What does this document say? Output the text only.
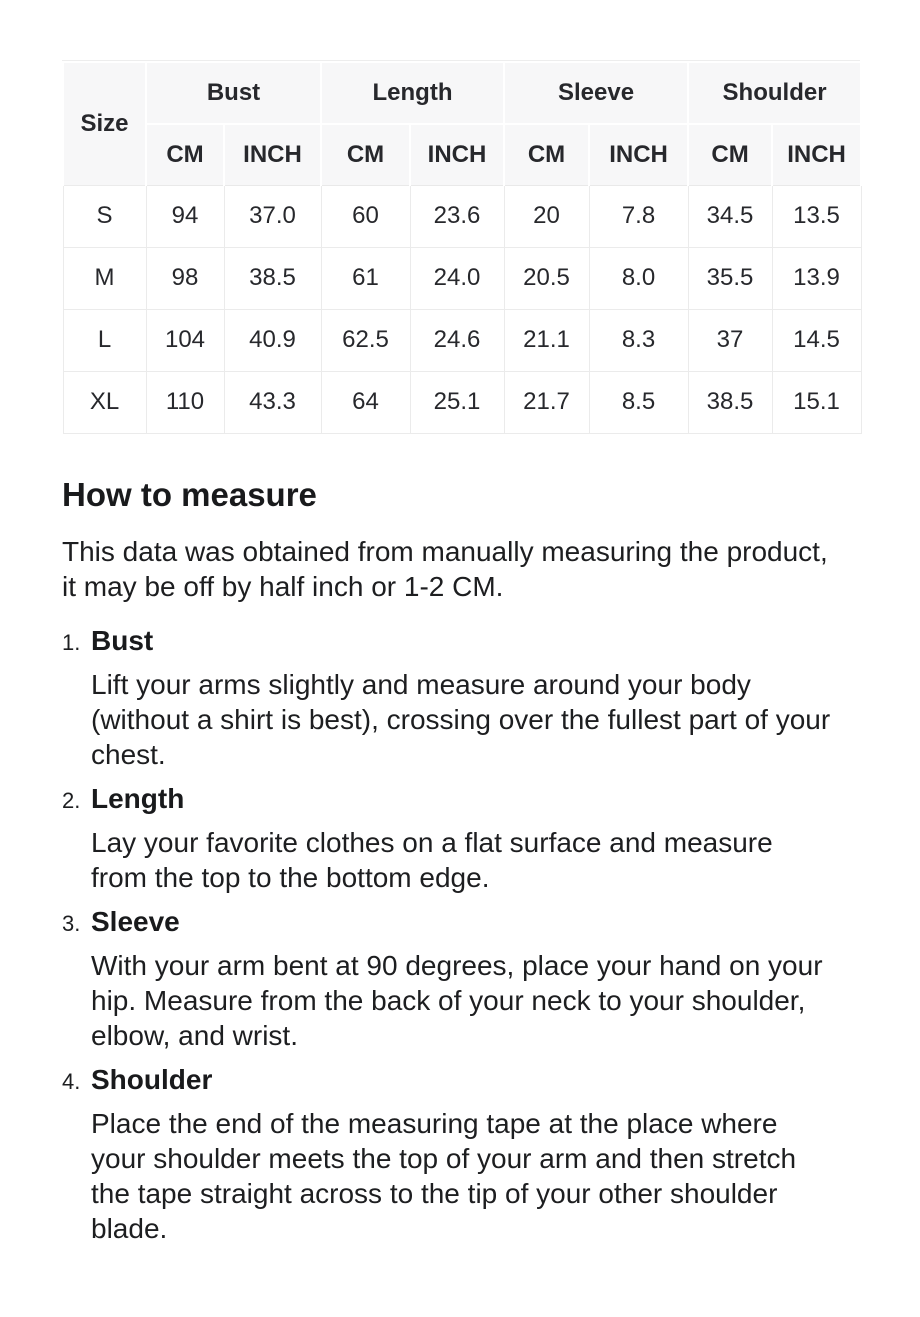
Size	Bust		Length		Sleeve		Shoulder	
	CM	INCH	CM	INCH	CM	INCH	CM	INCH
S	94	37.0	60	23.6	20	7.8	34.5	13.5
M	98	38.5	61	24.0	20.5	8.0	35.5	13.9
L	104	40.9	62.5	24.6	21.1	8.3	37	14.5
XL	110	43.3	64	25.1	21.7	8.5	38.5	15.1
How to measure

This data was obtained from manually measuring the product, it may be off by half inch or 1-2 CM.

1. Bust

Lift your arms slightly and measure around your body (without a shirt is best), crossing over the fullest part of your chest.

2. Length

Lay your favorite clothes on a flat surface and measure from the top to the bottom edge.

3. Sleeve

With your arm bent at 90 degrees, place your hand on your hip. Measure from the back of your neck to your shoulder, elbow, and wrist.

4. Shoulder

Place the end of the measuring tape at the place where your shoulder meets the top of your arm and then stretch the tape straight across to the tip of your other shoulder blade.
